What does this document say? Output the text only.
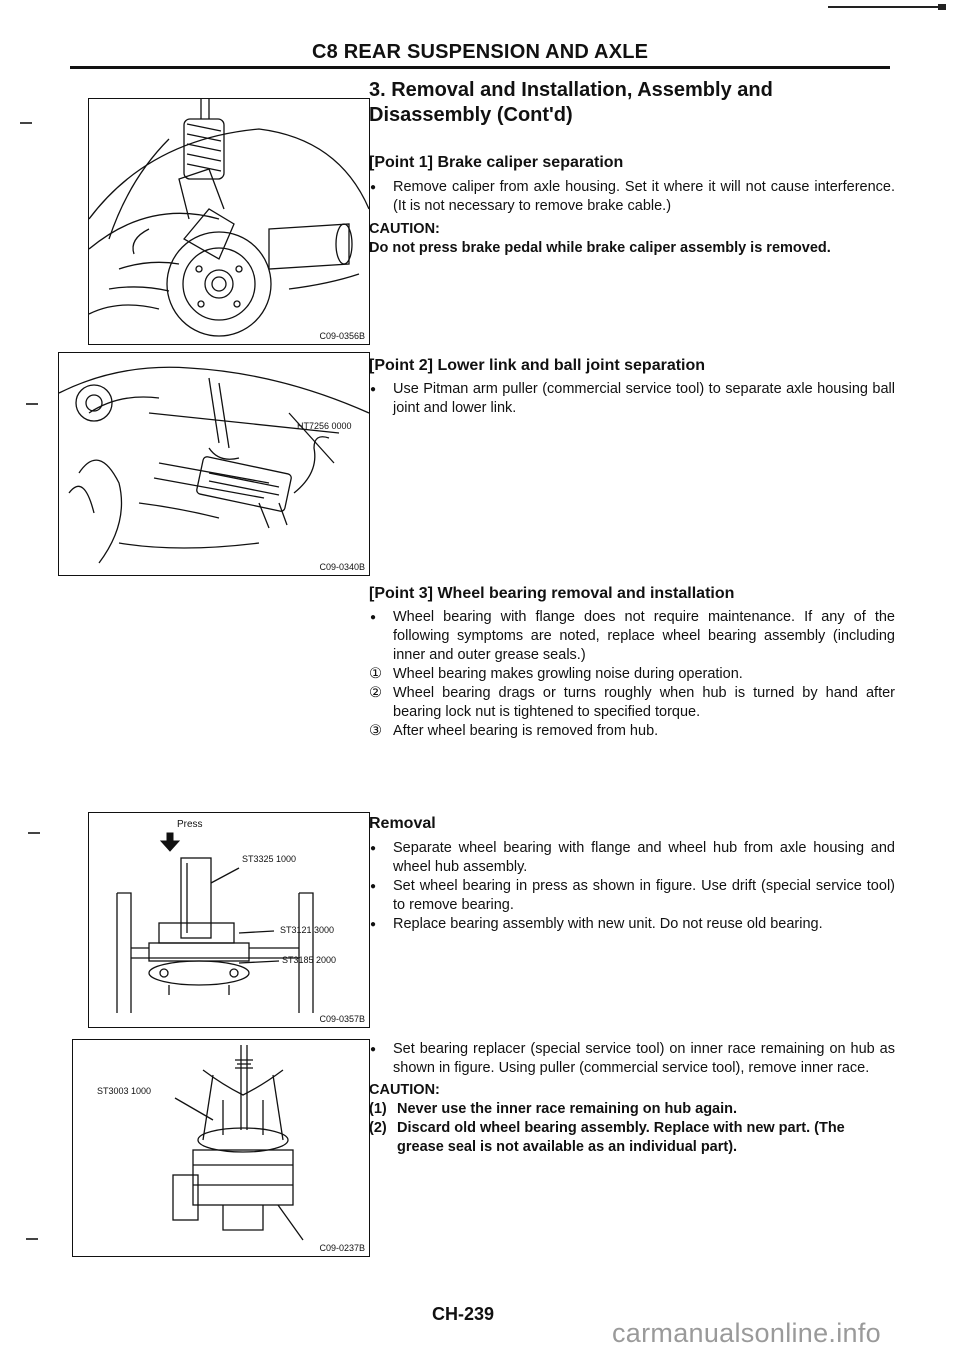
C8 REAR SUSPENSION AND AXLE
C09-0356B
HT7256 0000
C09-0340B
Press
ST3325 1000
ST3121 3000
ST3185 2000
C09-0357B
ST3003 1000
C09-0237B
3. Removal and Installation, Assembly and
Disassembly (Cont'd)
[Point 1] Brake caliper separation
● Remove caliper from axle housing. Set it where it will not cause interference. (It is not necessary to remove brake cable.)
CAUTION:
Do not press brake pedal while brake caliper assembly is removed.
[Point 2] Lower link and ball joint separation
● Use Pitman arm puller (commercial service tool) to separate axle housing ball joint and lower link.
[Point 3] Wheel bearing removal and installation
● Wheel bearing with flange does not require maintenance. If any of the following symptoms are noted, replace wheel bearing assembly (including inner and outer grease seals.)
① Wheel bearing makes growling noise during operation.
② Wheel bearing drags or turns roughly when hub is turned by hand after bearing lock nut is tightened to specified torque.
③ After wheel bearing is removed from hub.
Removal
● Separate wheel bearing with flange and wheel hub from axle housing and wheel hub assembly.
● Set wheel bearing in press as shown in figure. Use drift (special service tool) to remove bearing.
● Replace bearing assembly with new unit. Do not reuse old bearing.
● Set bearing replacer (special service tool) on inner race remaining on hub as shown in figure. Using puller (commercial service tool), remove inner race.
CAUTION:
(1) Never use the inner race remaining on hub again.
(2) Discard old wheel bearing assembly. Replace with new part. (The grease seal is not available as an individual part).
CH-239
carmanualsonline.info
